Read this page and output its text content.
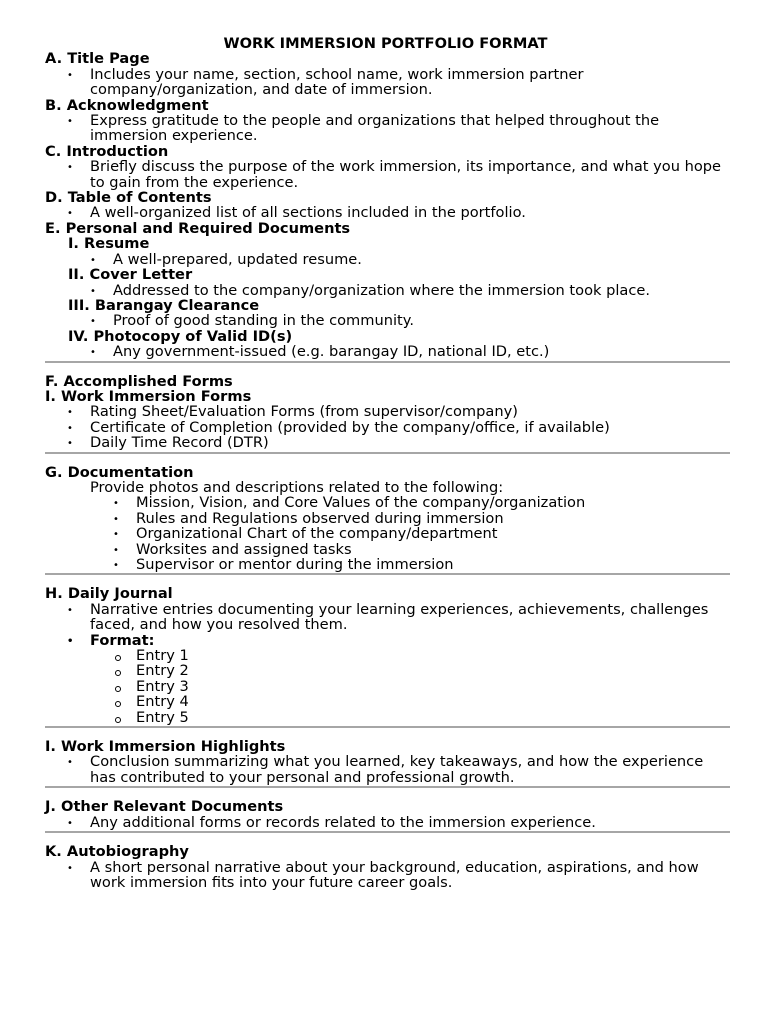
WORK IMMERSION PORTFOLIO FORMAT
A. Title Page
• Includes your name, section, school name, work immersion partner company/organization, and date of immersion.
B. Acknowledgment
• Express gratitude to the people and organizations that helped throughout the immersion experience.
C. Introduction
• Briefly discuss the purpose of the work immersion, its importance, and what you hope to gain from the experience.
D. Table of Contents
• A well-organized list of all sections included in the portfolio.
E. Personal and Required Documents
I. Resume
• A well-prepared, updated resume.
II. Cover Letter
• Addressed to the company/organization where the immersion took place.
III. Barangay Clearance
• Proof of good standing in the community.
IV. Photocopy of Valid ID(s)
• Any government-issued (e.g. barangay ID, national ID, etc.)
F. Accomplished Forms
I. Work Immersion Forms
• Rating Sheet/Evaluation Forms (from supervisor/company)
• Certificate of Completion (provided by the company/office, if available)
• Daily Time Record (DTR)
G. Documentation
Provide photos and descriptions related to the following:
• Mission, Vision, and Core Values of the company/organization
• Rules and Regulations observed during immersion
• Organizational Chart of the company/department
• Worksites and assigned tasks
• Supervisor or mentor during the immersion
H. Daily Journal
• Narrative entries documenting your learning experiences, achievements, challenges faced, and how you resolved them.
• Format:
Entry 1
Entry 2
Entry 3
Entry 4
Entry 5
I. Work Immersion Highlights
• Conclusion summarizing what you learned, key takeaways, and how the experience has contributed to your personal and professional growth.
J. Other Relevant Documents
• Any additional forms or records related to the immersion experience.
K. Autobiography
• A short personal narrative about your background, education, aspirations, and how work immersion fits into your future career goals.
